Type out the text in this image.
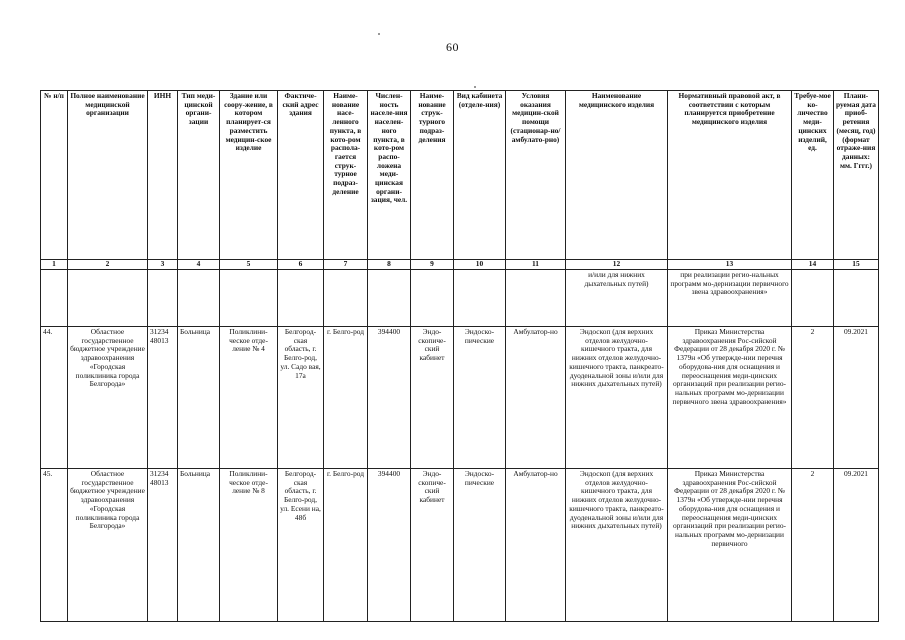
60
№ н/п	Полное наименование медицинской организации	ИНН	Тип меди-цинской органи-зации	Здание или соору-жение, в котором планирует-ся разместить медицин-ское изделие	Фактиче-ский адрес здания	Наиме-нование насе-ленного пункта, в кото-ром распола-гается струк-турное подраз-деление	Числен-ность населе-ния населен-ного пункта, в кото-ром распо-ложена меди-цинская органи-зация, чел.	Наиме-нование струк-турного подраз-деления	Вид кабинета (отделе-ния)	Условия оказания медицин-ской помощи (стационар-но/амбулато-рно)	Наименование медицинского изделия	Нормативный правовой акт, в соответствии с которым планируется приобретение медицинского изделия	Требуе-мое ко-личество меди-цинских изделий, ед.	Плани-руемая дата приоб-ретения (месяц, год) (формат отраже-ния данных: мм. Гггг.)
1	2	3	4	5	6	7	8	9	10	11	12	13	14	15
											и/или для нижних дыхательных путей)	при реализации регио-нальных программ мо-дернизации первичного звена здравоохранения»		
44.	Областное государственное бюджетное учреждение здравоохранения «Городская поликлиника города Белгорода»	31234 48013	Больница	Поликлини-ческое отде-ление № 4	Белгород-ская область, г. Белго-род, ул. Садо вая, 17а	г. Белго-род	394400	Эндо-скопиче-ский кабинет	Эндоско-пические	Амбулатор-но	Эндоскоп (для верхних отделов желудочно-кишечного тракта, для нижних отделов желудочно-кишечного тракта, панкреато-дуоденальной зоны и/или для нижних дыхательных путей)	Приказ Министерства здравоохранения Рос-сийской Федерации от 28 декабря 2020 г. № 1379н «Об утвержде-нии перечня оборудова-ния для оснащения и переоснащения меди-цинских организаций при реализации регио-нальных программ мо-дернизации первичного звена здравоохранения»	2	09.2021
45.	Областное государственное бюджетное учреждение здравоохранения «Городская поликлиника города Белгорода»	31234 48013	Больница	Поликлини-ческое отде-ление № 8	Белгород-ская область, г. Белго-род, ул. Есени на, 48б	г. Белго-род	394400	Эндо-скопиче-ский кабинет	Эндоско-пические	Амбулатор-но	Эндоскоп (для верхних отделов желудочно-кишечного тракта, для нижних отделов желудочно-кишечного тракта, панкреато-дуоденальной зоны и/или для нижних дыхательных путей)	Приказ Министерства здравоохранения Рос-сийской Федерации от 28 декабря 2020 г. № 1379н «Об утвержде-нии перечня оборудова-ния для оснащения и переоснащения меди-цинских организаций при реализации регио-нальных программ мо-дернизации первичного	2	09.2021
